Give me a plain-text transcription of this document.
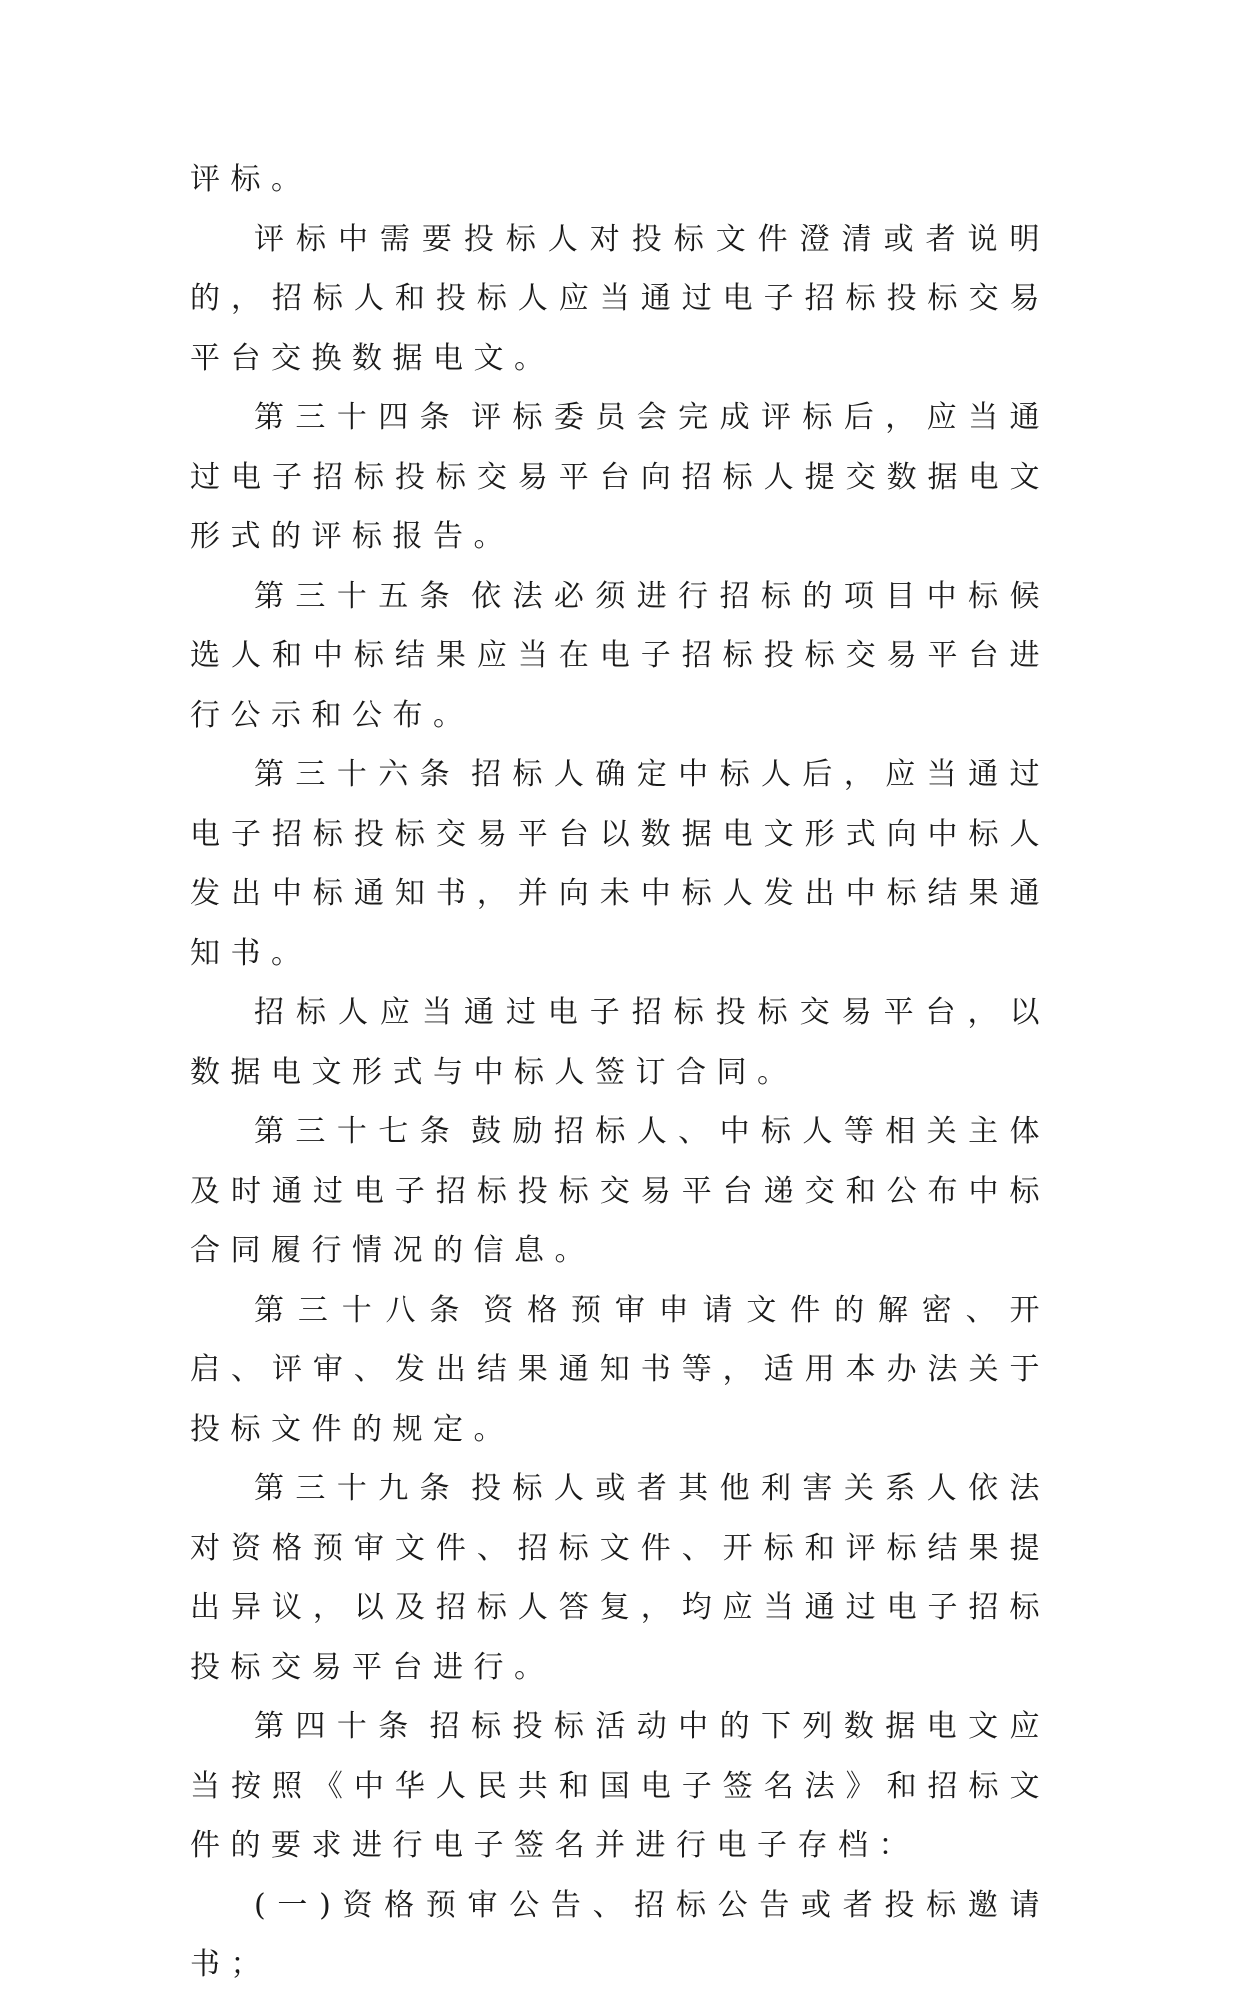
评标。

评标中需要投标人对投标文件澄清或者说明的，招标人和投标人应当通过电子招标投标交易平台交换数据电文。

第三十四条 评标委员会完成评标后，应当通过电子招标投标交易平台向招标人提交数据电文形式的评标报告。

第三十五条 依法必须进行招标的项目中标候选人和中标结果应当在电子招标投标交易平台进行公示和公布。

第三十六条 招标人确定中标人后，应当通过电子招标投标交易平台以数据电文形式向中标人发出中标通知书，并向未中标人发出中标结果通知书。

招标人应当通过电子招标投标交易平台，以数据电文形式与中标人签订合同。

第三十七条 鼓励招标人、中标人等相关主体及时通过电子招标投标交易平台递交和公布中标合同履行情况的信息。

第三十八条 资格预审申请文件的解密、开启、评审、发出结果通知书等，适用本办法关于投标文件的规定。

第三十九条 投标人或者其他利害关系人依法对资格预审文件、招标文件、开标和评标结果提出异议，以及招标人答复，均应当通过电子招标投标交易平台进行。

第四十条 招标投标活动中的下列数据电文应当按照《中华人民共和国电子签名法》和招标文件的要求进行电子签名并进行电子存档：

(一)资格预审公告、招标公告或者投标邀请书；
